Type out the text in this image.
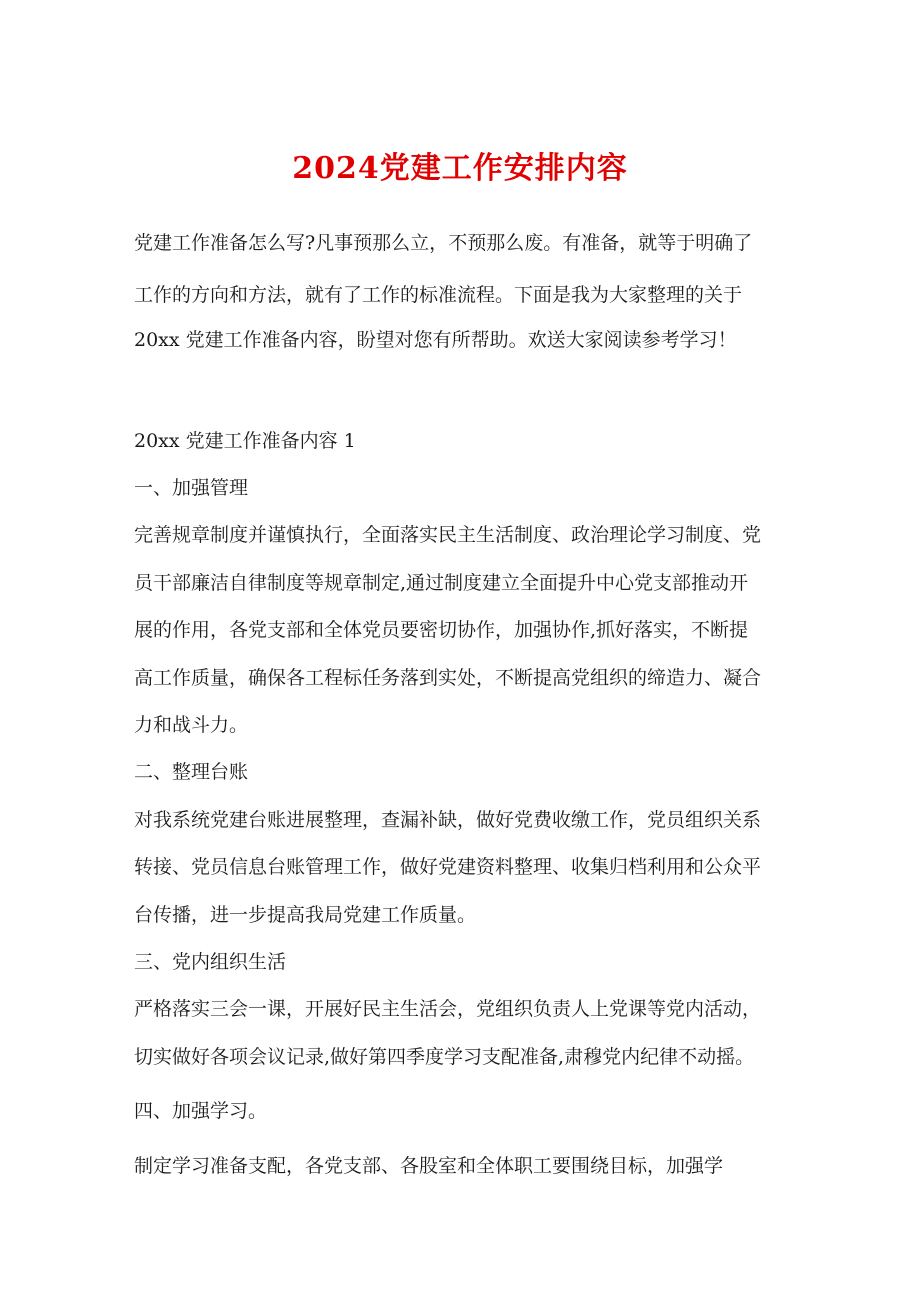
2024党建工作安排内容

党建工作准备怎么写?凡事预那么立，不预那么废。有准备，就等于明确了

工作的方向和方法，就有了工作的标准流程。下面是我为大家整理的关于

20xx 党建工作准备内容，盼望对您有所帮助。欢送大家阅读参考学习！

20xx 党建工作准备内容 1

一、加强管理

完善规章制度并谨慎执行，全面落实民主生活制度、政治理论学习制度、党

员干部廉洁自律制度等规章制定,通过制度建立全面提升中心党支部推动开

展的作用，各党支部和全体党员要密切协作，加强协作,抓好落实，不断提

高工作质量，确保各工程标任务落到实处，不断提高党组织的缔造力、凝合

力和战斗力。

二、整理台账

对我系统党建台账进展整理，查漏补缺，做好党费收缴工作，党员组织关系

转接、党员信息台账管理工作，做好党建资料整理、收集归档利用和公众平

台传播，进一步提高我局党建工作质量。

三、党内组织生活

严格落实三会一课，开展好民主生活会，党组织负责人上党课等党内活动，

切实做好各项会议记录,做好第四季度学习支配准备,肃穆党内纪律不动摇。

四、加强学习。

制定学习准备支配，各党支部、各股室和全体职工要围绕目标，加强学
